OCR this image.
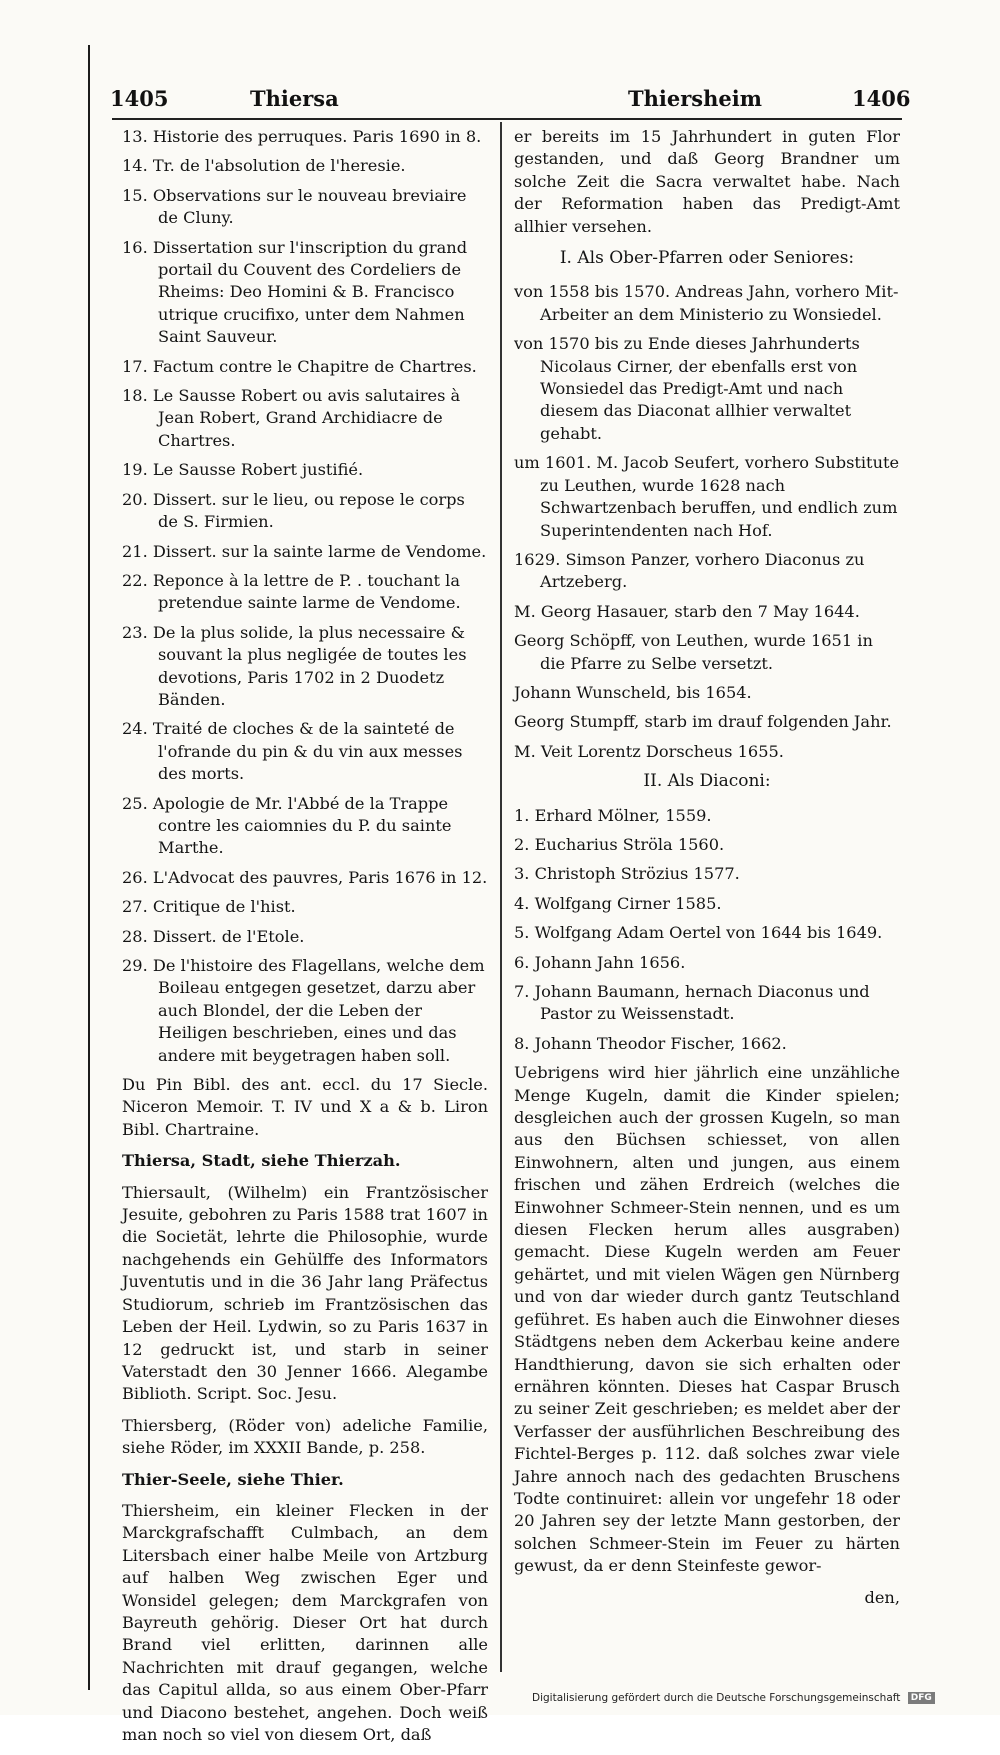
1405	Thiersa	Thiersheim	1406

13. Historie des perruques. Paris 1690 in 8.

14. Tr. de l'absolution de l'heresie.

15. Observations sur le nouveau breviaire de Cluny.

16. Dissertation sur l'inscription du grand portail du Couvent des Cordeliers de Rheims: Deo Homini & B. Francisco utrique crucifixo, unter dem Nahmen Saint Sauveur.

17. Factum contre le Chapitre de Chartres.

18. Le Sausse Robert ou avis salutaires à Jean Robert, Grand Archidiacre de Chartres.

19. Le Sausse Robert justifié.

20. Dissert. sur le lieu, ou repose le corps de S. Firmien.

21. Dissert. sur la sainte larme de Vendome.

22. Reponce à la lettre de P. . touchant la pretendue sainte larme de Vendome.

23. De la plus solide, la plus necessaire & souvant la plus negligée de toutes les devotions, Paris 1702 in 2 Duodetz Bänden.

24. Traité de cloches & de la sainteté de l'ofrande du pin & du vin aux messes des morts.

25. Apologie de Mr. l'Abbé de la Trappe contre les caiomnies du P. du sainte Marthe.

26. L'Advocat des pauvres, Paris 1676 in 12.

27. Critique de l'hist.

28. Dissert. de l'Etole.

29. De l'histoire des Flagellans, welche dem Boileau entgegen gesetzet, darzu aber auch Blondel, der die Leben der Heiligen beschrieben, eines und das andere mit beygetragen haben soll.

Du Pin Bibl. des ant. eccl. du 17 Siecle. Niceron Memoir. T. IV und X a & b. Liron Bibl. Chartraine.

Thiersa, Stadt, siehe Thierzah.

Thiersault, (Wilhelm) ein Frantzösischer Jesuite, gebohren zu Paris 1588 trat 1607 in die Societät, lehrte die Philosophie, wurde nachgehends ein Gehülffe des Informators Juventutis und in die 36 Jahr lang Präfectus Studiorum, schrieb im Frantzösischen das Leben der Heil. Lydwin, so zu Paris 1637 in 12 gedruckt ist, und starb in seiner Vaterstadt den 30 Jenner 1666. Alegambe Biblioth. Script. Soc. Jesu.

Thiersberg, (Röder von) adeliche Familie, siehe Röder, im XXXII Bande, p. 258.

Thier-Seele, siehe Thier.

Thiersheim, ein kleiner Flecken in der Marckgrafschafft Culmbach, an dem Litersbach einer halbe Meile von Artzburg auf halben Weg zwischen Eger und Wonsidel gelegen; dem Marckgrafen von Bayreuth gehörig. Dieser Ort hat durch Brand viel erlitten, darinnen alle Nachrichten mit drauf gegangen, welche das Capitul allda, so aus einem Ober-Pfarr und Diacono bestehet, angehen. Doch weiß man noch so viel von diesem Ort, daß

er bereits im 15 Jahrhundert in guten Flor gestanden, und daß Georg Brandner um solche Zeit die Sacra verwaltet habe. Nach der Reformation haben das Predigt-Amt allhier versehen.

I. Als Ober-Pfarren oder Seniores:

von 1558 bis 1570. Andreas Jahn, vorhero Mit-Arbeiter an dem Ministerio zu Wonsiedel.

von 1570 bis zu Ende dieses Jahrhunderts Nicolaus Cirner, der ebenfalls erst von Wonsiedel das Predigt-Amt und nach diesem das Diaconat allhier verwaltet gehabt.

um 1601. M. Jacob Seufert, vorhero Substitute zu Leuthen, wurde 1628 nach Schwartzenbach beruffen, und endlich zum Superintendenten nach Hof.

1629. Simson Panzer, vorhero Diaconus zu Artzeberg.

M. Georg Hasauer, starb den 7 May 1644.

Georg Schöpff, von Leuthen, wurde 1651 in die Pfarre zu Selbe versetzt.

Johann Wunscheld, bis 1654.

Georg Stumpff, starb im drauf folgenden Jahr.

M. Veit Lorentz Dorscheus 1655.

II. Als Diaconi:

1. Erhard Mölner, 1559.

2. Eucharius Ströla 1560.

3. Christoph Strözius 1577.

4. Wolfgang Cirner 1585.

5. Wolfgang Adam Oertel von 1644 bis 1649.

6. Johann Jahn 1656.

7. Johann Baumann, hernach Diaconus und Pastor zu Weissenstadt.

8. Johann Theodor Fischer, 1662.

Uebrigens wird hier jährlich eine unzähliche Menge Kugeln, damit die Kinder spielen; desgleichen auch der grossen Kugeln, so man aus den Büchsen schiesset, von allen Einwohnern, alten und jungen, aus einem frischen und zähen Erdreich (welches die Einwohner Schmeer-Stein nennen, und es um diesen Flecken herum alles ausgraben) gemacht. Diese Kugeln werden am Feuer gehärtet, und mit vielen Wägen gen Nürnberg und von dar wieder durch gantz Teutschland geführet. Es haben auch die Einwohner dieses Städtgens neben dem Ackerbau keine andere Handthierung, davon sie sich erhalten oder ernähren könnten. Dieses hat Caspar Brusch zu seiner Zeit geschrieben; es meldet aber der Verfasser der ausführlichen Beschreibung des Fichtel-Berges p. 112. daß solches zwar viele Jahre annoch nach des gedachten Bruschens Todte continuiret: allein vor ungefehr 18 oder 20 Jahren sey der letzte Mann gestorben, der solchen Schmeer-Stein im Feuer zu härten gewust, da er denn Steinfeste gewor-

den,

Digitalisierung gefördert durch die Deutsche Forschungsgemeinschaft DFG
